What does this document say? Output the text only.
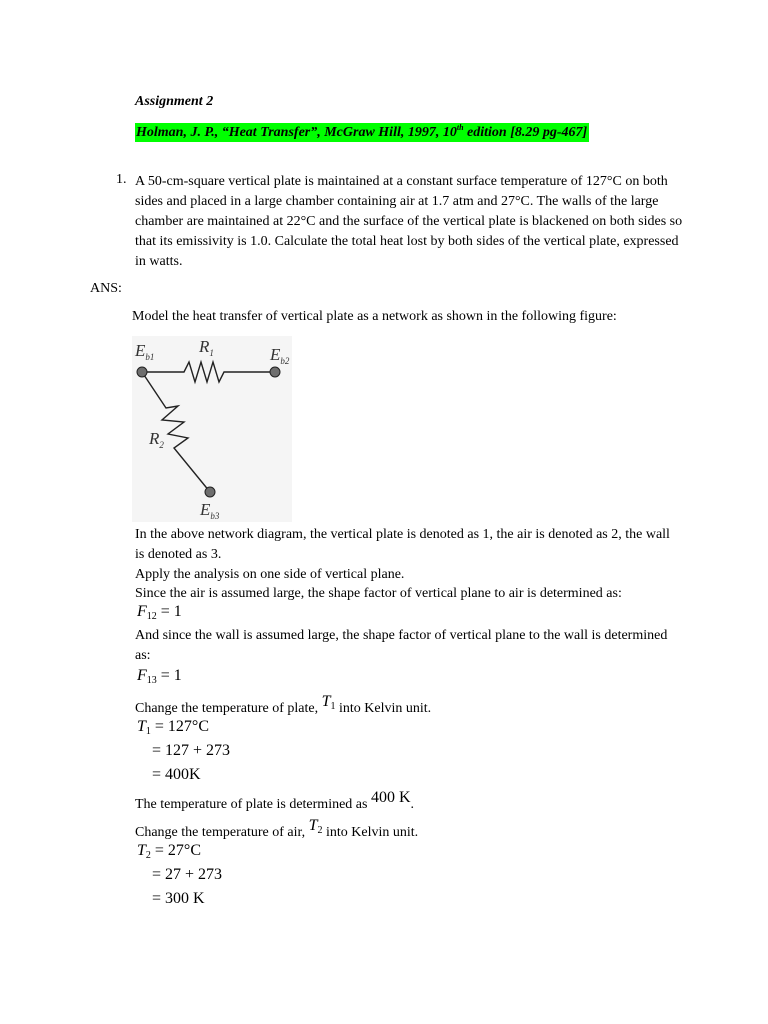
Assignment 2
Holman, J. P., “Heat Transfer”, McGraw Hill, 1997, 10th edition [8.29 pg-467]
1. A 50-cm-square vertical plate is maintained at a constant surface temperature of 127°C on both sides and placed in a large chamber containing air at 1.7 atm and 27°C. The walls of the large chamber are maintained at 22°C and the surface of the vertical plate is blackened on both sides so that its emissivity is 1.0. Calculate the total heat lost by both sides of the vertical plate, expressed in watts.
ANS:
Model the heat transfer of vertical plate as a network as shown in the following figure:
$E_{b1}$	$E_{b2}$
$E_{b3}$
$R_1$
$R_2$
In the above network diagram, the vertical plate is denoted as 1, the air is denoted as 2, the wall is denoted as 3.
Apply the analysis on one side of vertical plane.
Since the air is assumed large, the shape factor of vertical plane to air is determined as:
$F_{12} = 1$
And since the wall is assumed large, the shape factor of vertical plane to the wall is determined as:
$F_{13} = 1$
Change the temperature of plate, $T_1$ into Kelvin unit.
$T_1 = 127^\circ C$
= 127 + 273
= 400K
The temperature of plate is determined as 400 K.
Change the temperature of air, $T_2$ into Kelvin unit.
$T_2 = 27^\circ C$
= 27 + 273
= 300 K
